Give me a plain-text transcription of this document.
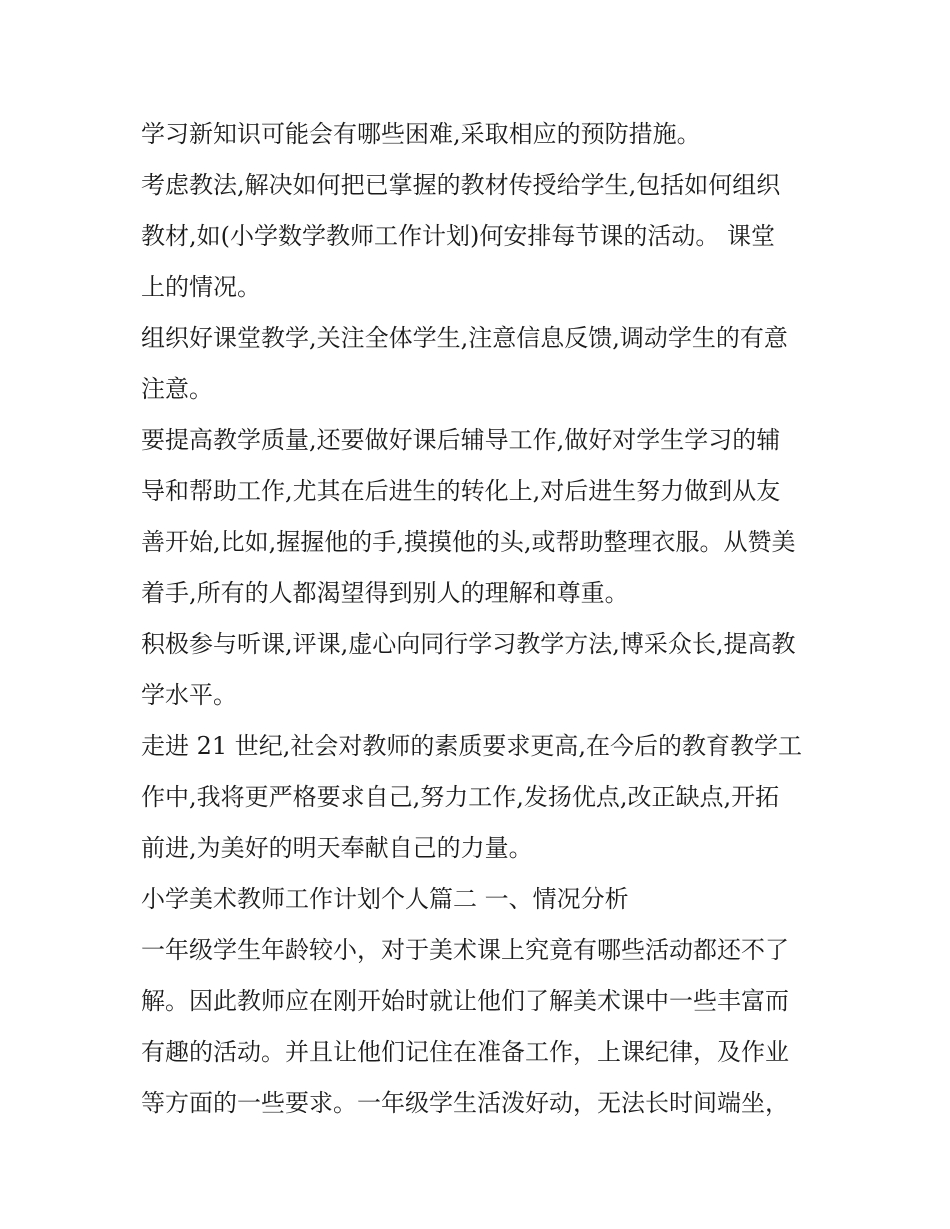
学习新知识可能会有哪些困难,采取相应的预防措施。
考虑教法,解决如何把已掌握的教材传授给学生,包括如何组织
教材,如(小学数学教师工作计划)何安排每节课的活动。 课堂
上的情况。
组织好课堂教学,关注全体学生,注意信息反馈,调动学生的有意
注意。
要提高教学质量,还要做好课后辅导工作,做好对学生学习的辅
导和帮助工作,尤其在后进生的转化上,对后进生努力做到从友
善开始,比如,握握他的手,摸摸他的头,或帮助整理衣服。从赞美
着手,所有的人都渴望得到别人的理解和尊重。
积极参与听课,评课,虚心向同行学习教学方法,博采众长,提高教
学水平。
走进 21 世纪,社会对教师的素质要求更高,在今后的教育教学工
作中,我将更严格要求自己,努力工作,发扬优点,改正缺点,开拓
前进,为美好的明天奉献自己的力量。
小学美术教师工作计划个人篇二 一、情况分析
一年级学生年龄较小，对于美术课上究竟有哪些活动都还不了
解。因此教师应在刚开始时就让他们了解美术课中一些丰富而
有趣的活动。并且让他们记住在准备工作，上课纪律，及作业
等方面的一些要求。一年级学生活泼好动，无法长时间端坐，
